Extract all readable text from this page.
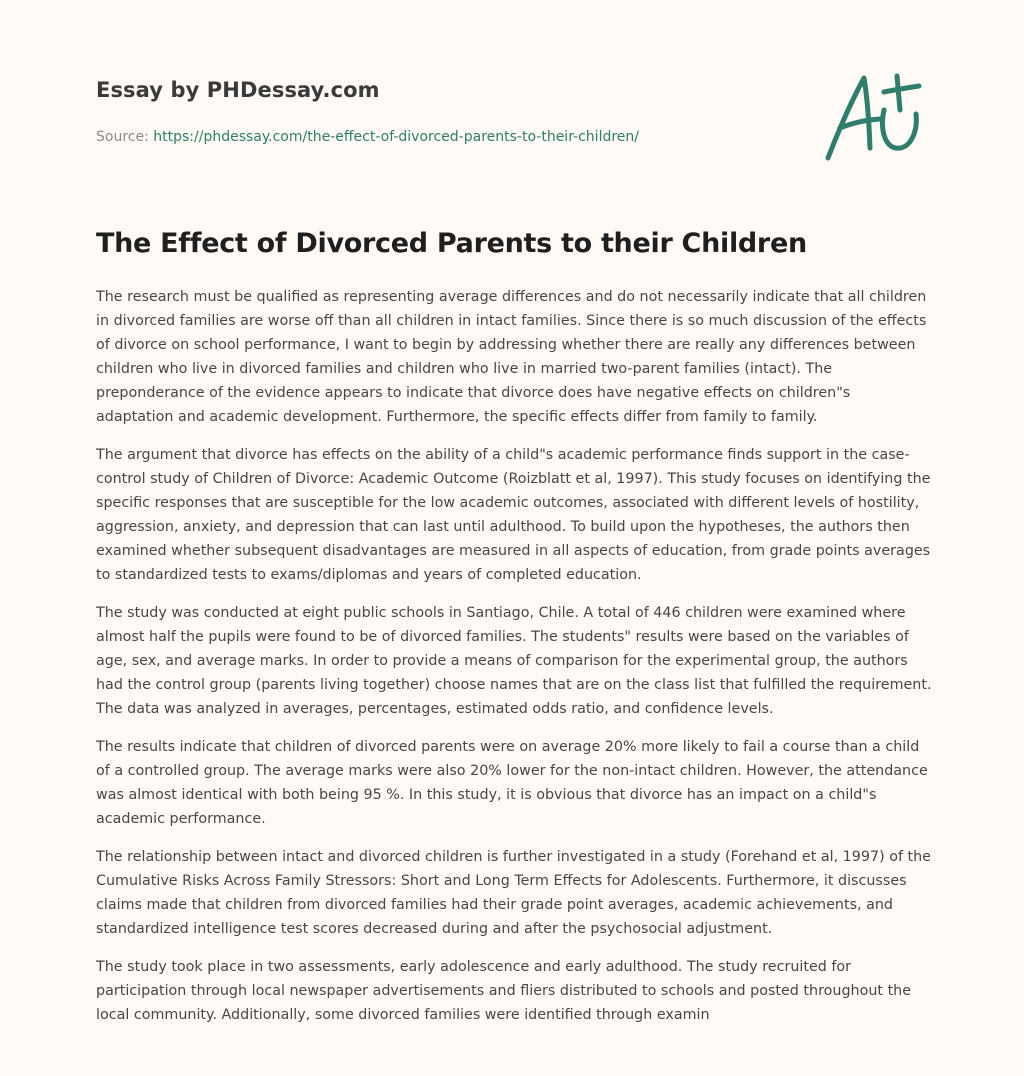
Essay by PHDessay.com
Source: https://phdessay.com/the-effect-of-divorced-parents-to-their-children/
The Effect of Divorced Parents to their Children

The research must be qualified as representing average differences and do not necessarily indicate that all children in divorced families are worse off than all children in intact families. Since there is so much discussion of the effects of divorce on school performance, I want to begin by addressing whether there are really any differences between children who live in divorced families and children who live in married two-parent families (intact). The preponderance of the evidence appears to indicate that divorce does have negative effects on children"s adaptation and academic development. Furthermore, the specific effects differ from family to family.

The argument that divorce has effects on the ability of a child"s academic performance finds support in the case-control study of Children of Divorce: Academic Outcome (Roizblatt et al, 1997). This study focuses on identifying the specific responses that are susceptible for the low academic outcomes, associated with different levels of hostility, aggression, anxiety, and depression that can last until adulthood. To build upon the hypotheses, the authors then examined whether subsequent disadvantages are measured in all aspects of education, from grade points averages to standardized tests to exams/diplomas and years of completed education.

The study was conducted at eight public schools in Santiago, Chile. A total of 446 children were examined where almost half the pupils were found to be of divorced families. The students" results were based on the variables of age, sex, and average marks. In order to provide a means of comparison for the experimental group, the authors had the control group (parents living together) choose names that are on the class list that fulfilled the requirement. The data was analyzed in averages, percentages, estimated odds ratio, and confidence levels.

The results indicate that children of divorced parents were on average 20% more likely to fail a course than a child of a controlled group. The average marks were also 20% lower for the non-intact children. However, the attendance was almost identical with both being 95 %. In this study, it is obvious that divorce has an impact on a child"s academic performance.

The relationship between intact and divorced children is further investigated in a study (Forehand et al, 1997) of the Cumulative Risks Across Family Stressors: Short and Long Term Effects for Adolescents. Furthermore, it discusses claims made that children from divorced families had their grade point averages, academic achievements, and standardized intelligence test scores decreased during and after the psychosocial adjustment.

The study took place in two assessments, early adolescence and early adulthood. The study recruited for participation through local newspaper advertisements and fliers distributed to schools and posted throughout the local community. Additionally, some divorced families were identified through examin
